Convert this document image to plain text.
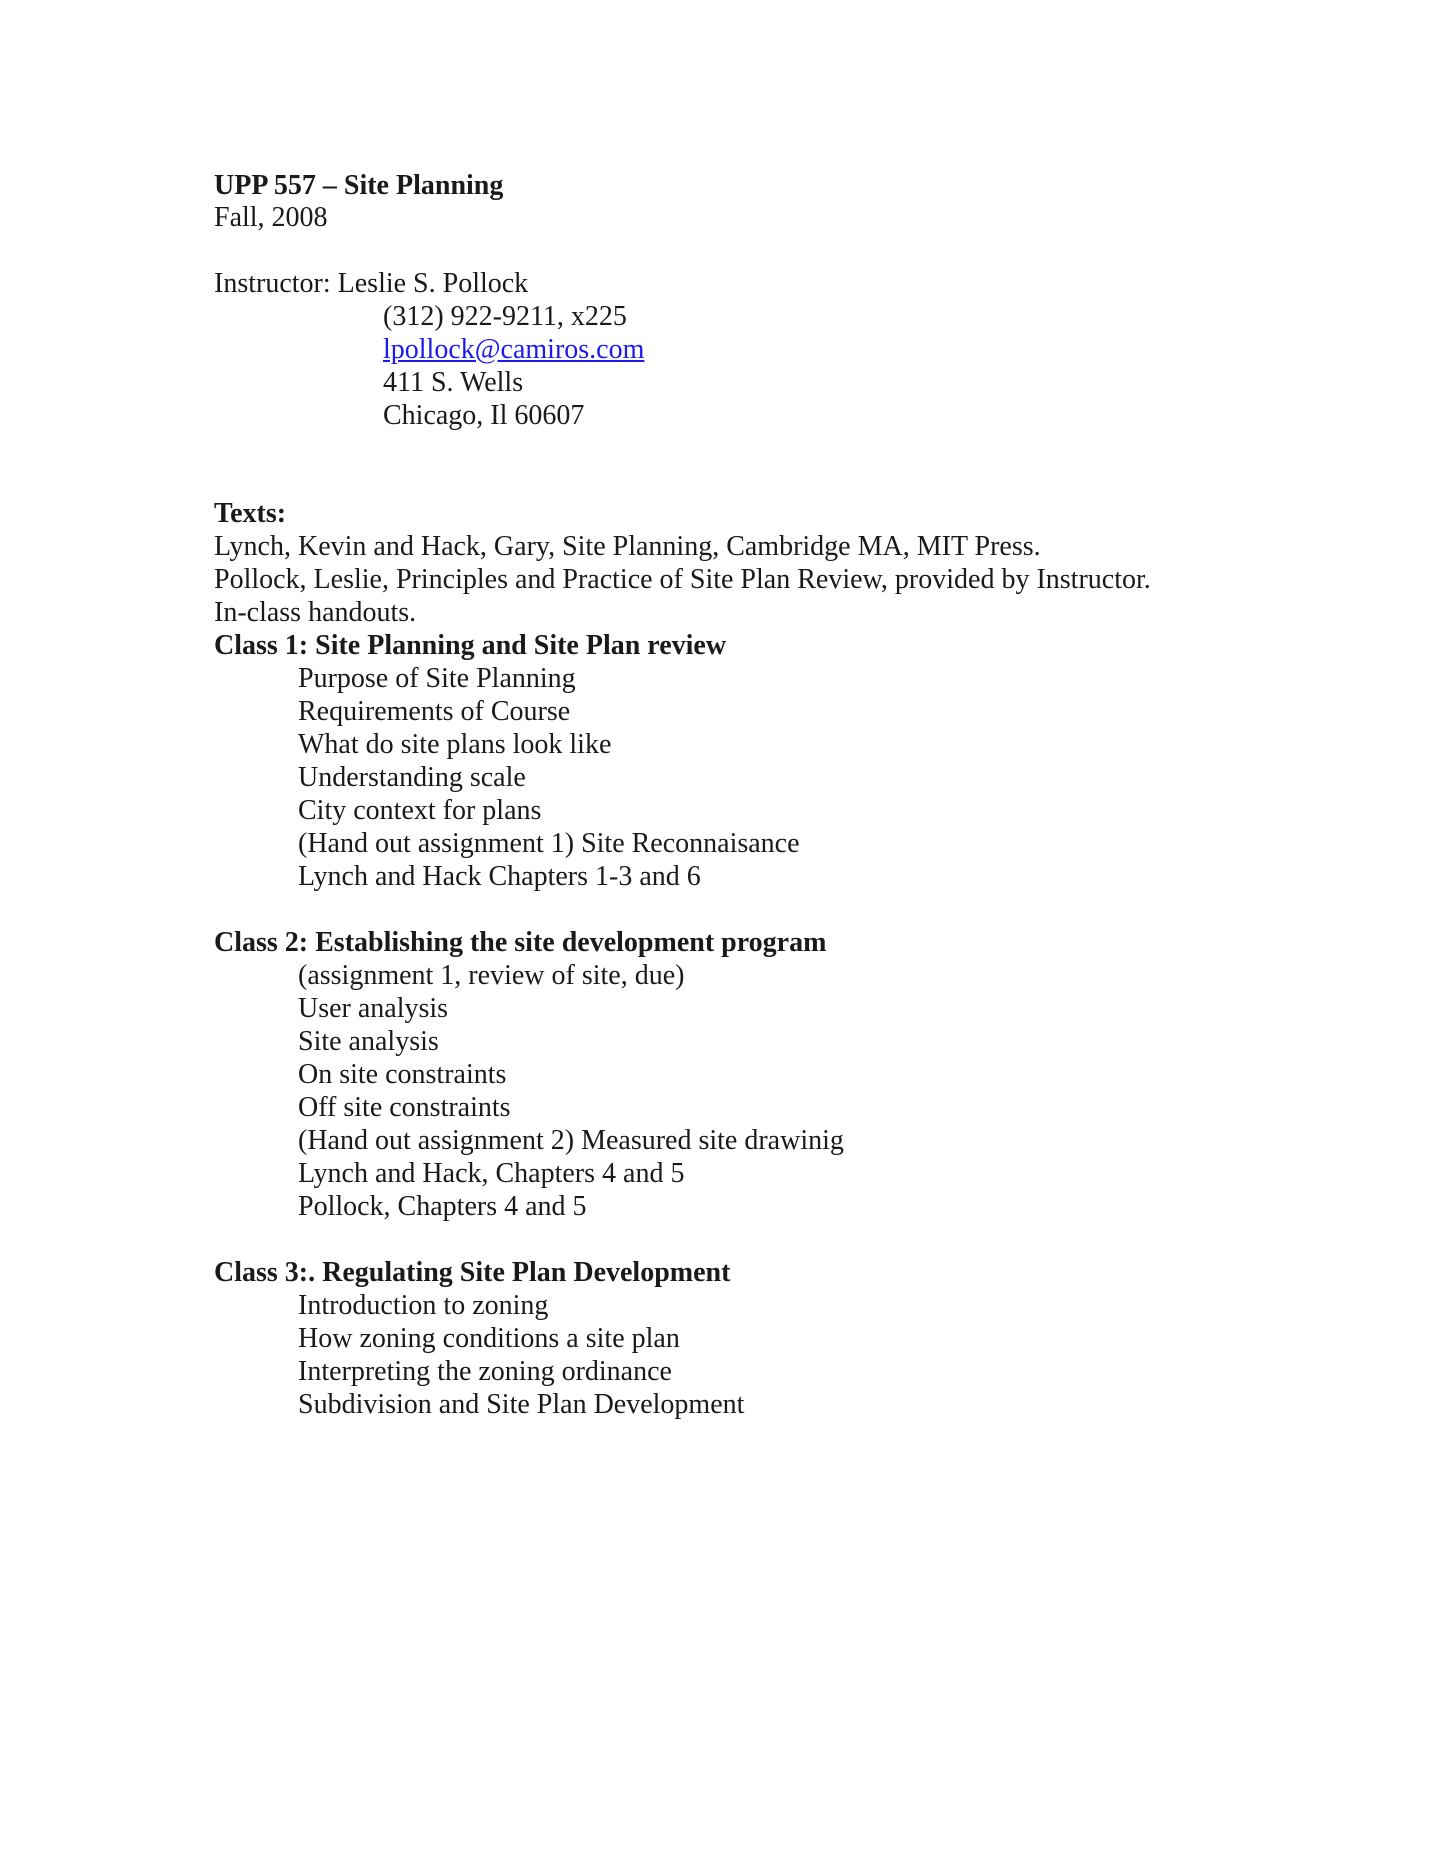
UPP 557 – Site Planning
Fall, 2008
Instructor: Leslie S. Pollock
(312) 922-9211, x225
lpollock@camiros.com
411 S. Wells
Chicago, Il 60607
Texts:
Lynch, Kevin and Hack, Gary, Site Planning, Cambridge MA, MIT Press.
Pollock, Leslie, Principles and Practice of Site Plan Review, provided by Instructor.
In-class handouts.
Class 1: Site Planning and Site Plan review
Purpose of Site Planning
Requirements of Course
What do site plans look like
Understanding scale
City context for plans
(Hand out assignment 1) Site Reconnaisance
Lynch and Hack Chapters 1-3 and 6
Class 2: Establishing the site development program
(assignment 1, review of site, due)
User analysis
Site analysis
On site constraints
Off site constraints
(Hand out assignment 2) Measured site drawinig
Lynch and Hack, Chapters 4 and 5
Pollock, Chapters 4 and 5
Class 3:. Regulating Site Plan Development
Introduction to zoning
How zoning conditions a site plan
Interpreting the zoning ordinance
Subdivision and Site Plan Development
